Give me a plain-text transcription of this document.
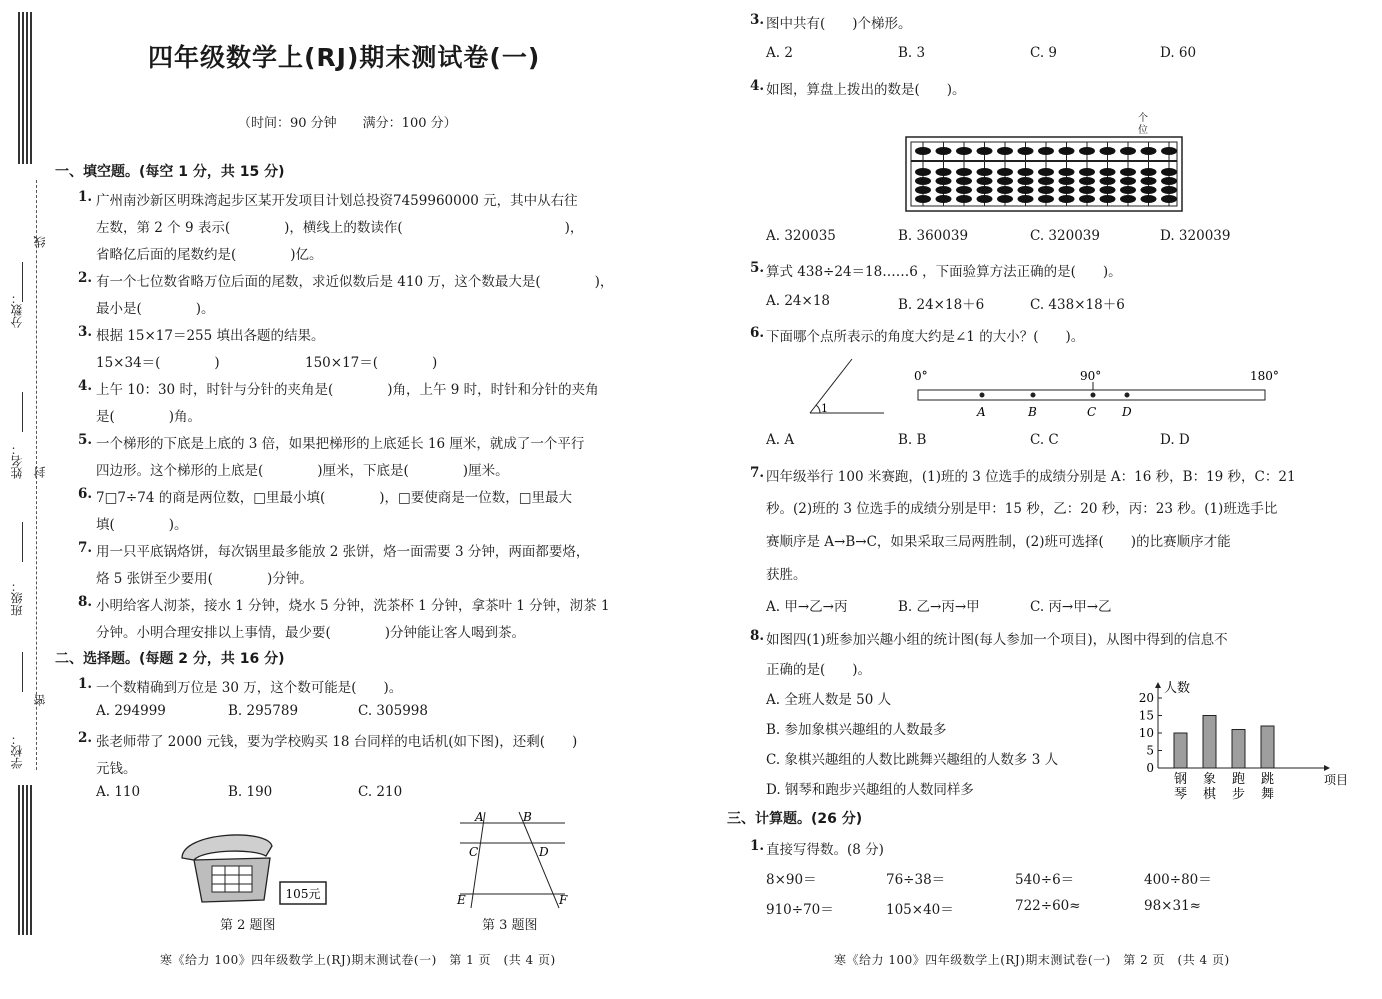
分数：
线
姓名： 封
班级：
学校：
密
四年级数学上(RJ)期末测试卷(一)
（时间：90 分钟　　满分：100 分）
一、填空题。(每空 1 分，共 15 分)
1. 广州南沙新区明珠湾起步区某开发项目计划总投资7459960000 元，其中从右往
左数，第 2 个 9 表示(　　　　)，横线上的数读作(　　　　　　　　　　　　)，
省略亿后面的尾数约是(　　　　)亿。
2. 有一个七位数省略万位后面的尾数，求近似数后是 410 万，这个数最大是(　　　　)，
最小是(　　　　)。
3. 根据 15×17＝255 填出各题的结果。
15×34＝(　　　　)	150×17＝(　　　　)
4. 上午 10：30 时，时针与分针的夹角是(　　　　)角，上午 9 时，时针和分针的夹角
是(　　　　)角。
5. 一个梯形的下底是上底的 3 倍，如果把梯形的上底延长 16 厘米，就成了一个平行
四边形。这个梯形的上底是(　　　　)厘米，下底是(　　　　)厘米。
6. 7□7÷74 的商是两位数，□里最小填(　　　　)，□要使商是一位数，□里最大
填(　　　　)。
7. 用一只平底锅烙饼，每次锅里最多能放 2 张饼，烙一面需要 3 分钟，两面都要烙，
烙 5 张饼至少要用(　　　　)分钟。
8. 小明给客人沏茶，接水 1 分钟，烧水 5 分钟，洗茶杯 1 分钟，拿茶叶 1 分钟，沏茶 1
分钟。小明合理安排以上事情，最少要(　　　　)分钟能让客人喝到茶。
二、选择题。(每题 2 分，共 16 分)
1. 一个数精确到万位是 30 万，这个数可能是(　　)。
A. 294999	B. 295789	C. 305998
2. 张老师带了 2000 元钱，要为学校购买 18 台同样的电话机(如下图)，还剩(　　)
元钱。
A. 110	B. 190	C. 210
105元
第 2 题图
A	B
C	D
E	F
第 3 题图
寒《给力 100》四年级数学上(RJ)期末测试卷(一)　第 1 页　(共 4 页)
3. 图中共有(　　)个梯形。
A. 2	B. 3	C. 9	D. 60
4. 如图，算盘上拨出的数是(　　)。
个
位
A. 320035	B. 360039	C. 320039	D. 320039
5. 算式 438÷24＝18……6 ，下面验算方法正确的是(　　)。
A. 24×18	B. 24×18＋6	C. 438×18＋6
6. 下面哪个点所表示的角度大约是∠1 的大小？(　　)。
1
0°	90°	180°
A	B	C D
A. A	B. B	C. C	D. D
7. 四年级举行 100 米赛跑，(1)班的 3 位选手的成绩分别是 A：16 秒，B：19 秒，C：21
秒。(2)班的 3 位选手的成绩分别是甲：15 秒，乙：20 秒，丙：23 秒。(1)班选手比
赛顺序是 A→B→C，如果采取三局两胜制，(2)班可选择(　　)的比赛顺序才能
获胜。
A. 甲→乙→丙	B. 乙→丙→甲	C. 丙→甲→乙
8. 如图四(1)班参加兴趣小组的统计图(每人参加一个项目)，从图中得到的信息不
正确的是(　　)。
A. 全班人数是 50 人
B. 参加象棋兴趣组的人数最多
C. 象棋兴趣组的人数比跳舞兴趣组的人数多 3 人
D. 钢琴和跑步兴趣组的人数同样多
人数
项目
0
5
10
15
20
钢
琴
象
棋
跑
步
跳
舞
三、计算题。(26 分)
1. 直接写得数。(8 分)
8×90＝	76÷38＝	540÷6＝	400÷80＝
910÷70＝	105×40＝	722÷60≈	98×31≈
寒《给力 100》四年级数学上(RJ)期末测试卷(一)　第 2 页　(共 4 页)
